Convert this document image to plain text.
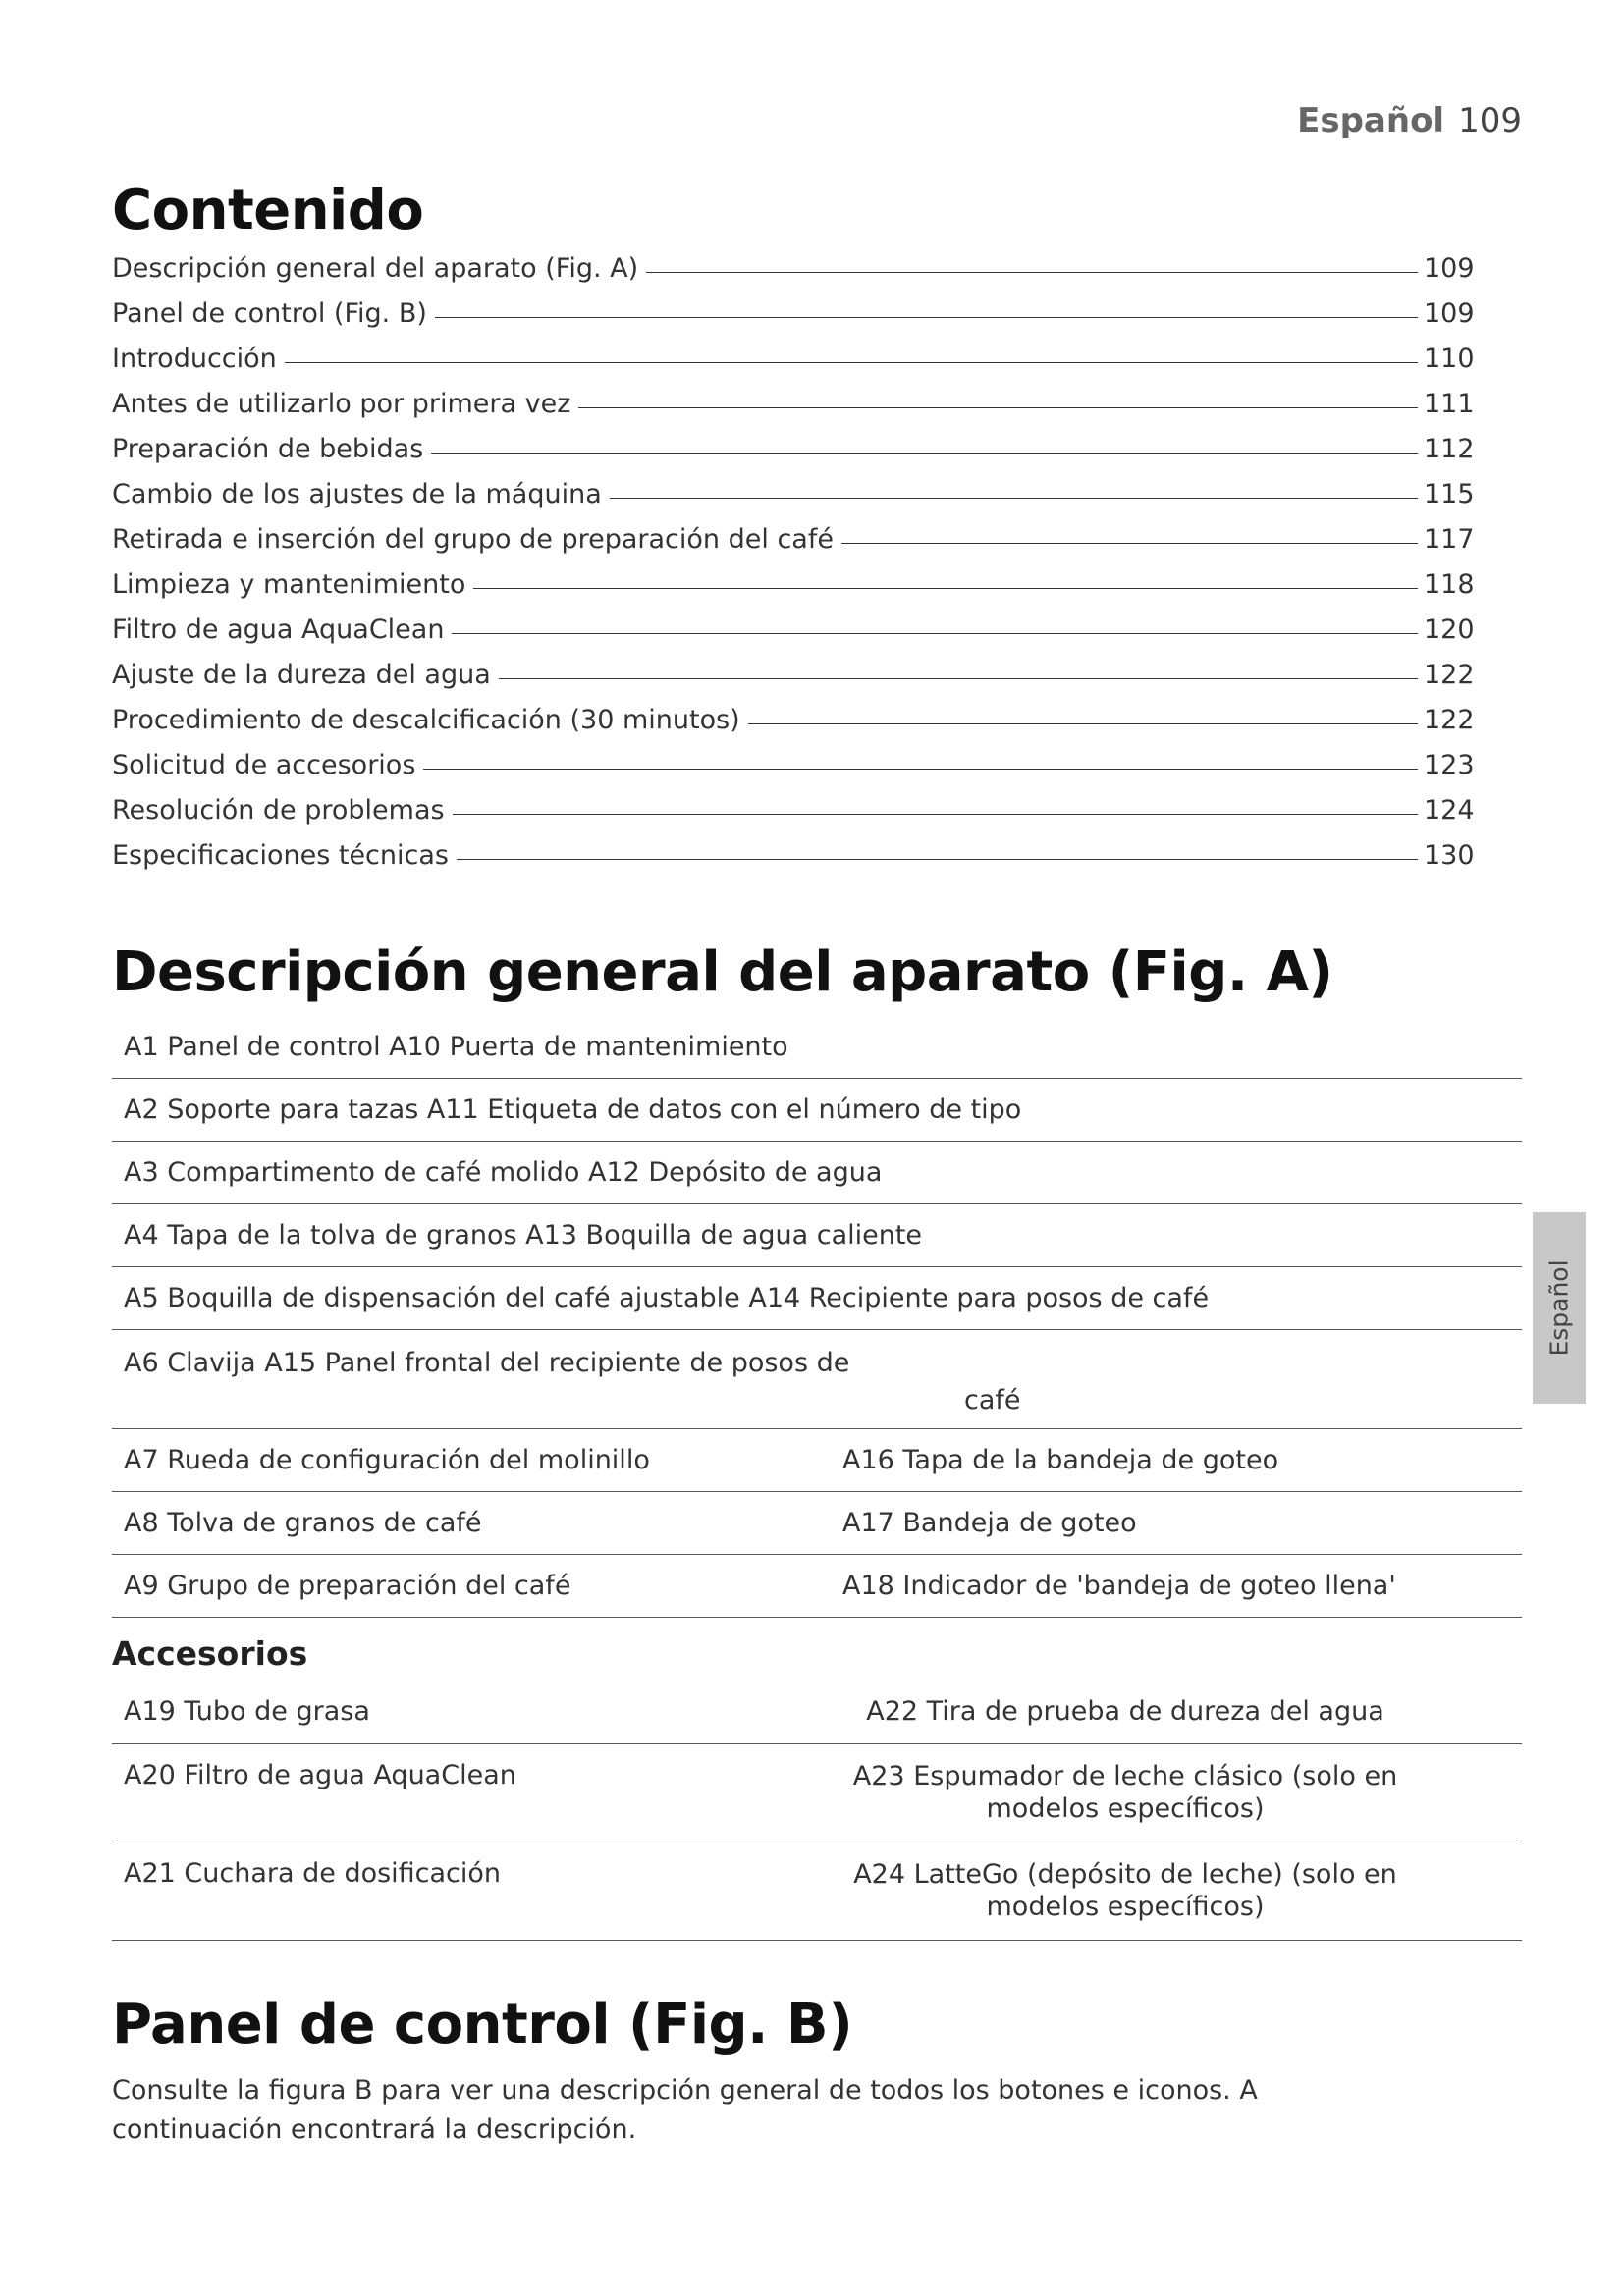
Español 109
Español
Contenido
Descripción general del aparato (Fig. A)	109
Panel de control (Fig. B)	109
Introducción	110
Antes de utilizarlo por primera vez	111
Preparación de bebidas	112
Cambio de los ajustes de la máquina	115
Retirada e inserción del grupo de preparación del café	117
Limpieza y mantenimiento	118
Filtro de agua AquaClean	120
Ajuste de la dureza del agua	122
Procedimiento de descalcificación (30 minutos)	122
Solicitud de accesorios	123
Resolución de problemas	124
Especificaciones técnicas	130
Descripción general del aparato (Fig. A)
A1 Panel de control A10 Puerta de mantenimiento
A2 Soporte para tazas A11 Etiqueta de datos con el número de tipo
A3 Compartimento de café molido A12 Depósito de agua
A4 Tapa de la tolva de granos A13 Boquilla de agua caliente
A5 Boquilla de dispensación del café ajustable A14 Recipiente para posos de café
A6 Clavija A15 Panel frontal del recipiente de posos de
café
A7 Rueda de configuración del molinillo	A16 Tapa de la bandeja de goteo
A8 Tolva de granos de café	A17 Bandeja de goteo
A9 Grupo de preparación del café	A18 Indicador de 'bandeja de goteo llena'
Accesorios
A19 Tubo de grasa	A22 Tira de prueba de dureza del agua
A20 Filtro de agua AquaClean	A23 Espumador de leche clásico (solo en
modelos específicos)
A21 Cuchara de dosificación	A24 LatteGo (depósito de leche) (solo en
modelos específicos)
Panel de control (Fig. B)

Consulte la figura B para ver una descripción general de todos los botones e iconos. A continuación encontrará la descripción.
